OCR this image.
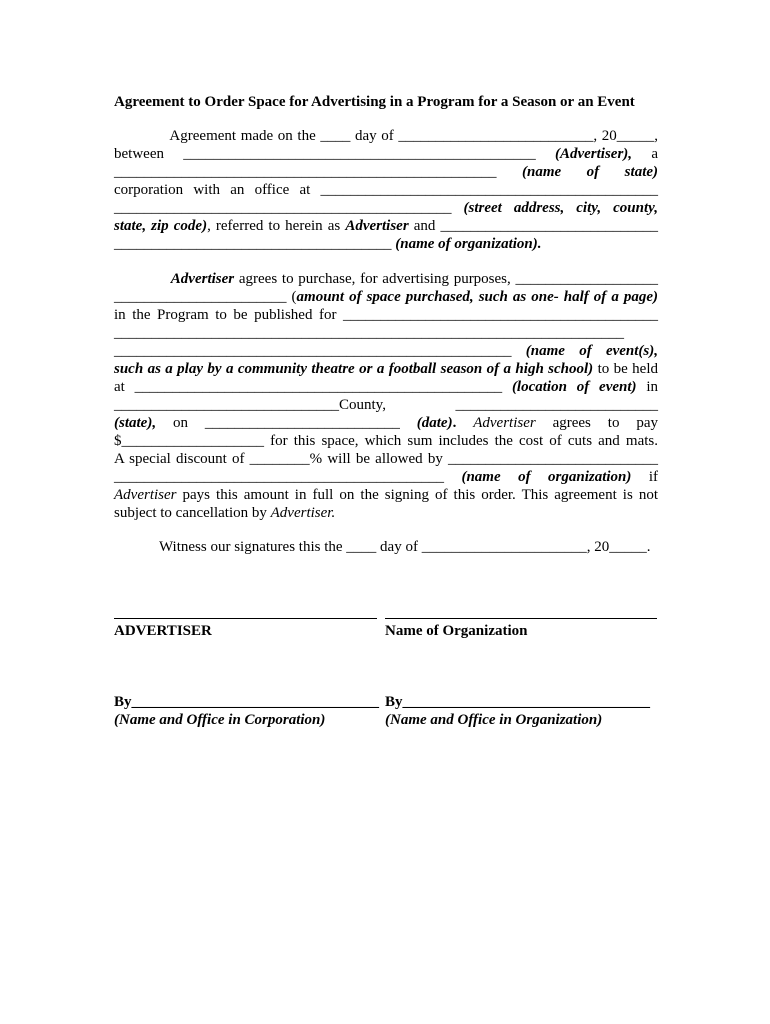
Agreement to Order Space for Advertising in a Program for a Season or an Event
Agreement made on the ____ day of __________________________, 20_____,
between _______________________________________________ (Advertiser), a
___________________________________________________ (name of state)
corporation with an office at _____________________________________________
_____________________________________________ (street address, city, county,
state, zip code), referred to herein as Advertiser and _____________________________
_____________________________________ (name of organization).
Advertiser agrees to purchase, for advertising purposes, ___________________
_______________________ (amount of space purchased, such as one- half of a page)
in the Program to be published for __________________________________________
____________________________________________________________________
_____________________________________________________ (name of event(s),
such as a play by a community theatre or a football season of a high school) to be held
at _________________________________________________ (location of event) in
______________________________County, ___________________________
(state), on __________________________ (date). Advertiser agrees to pay
$___________________ for this space, which sum includes the cost of cuts and mats.
A special discount of ________% will be allowed by ____________________________
____________________________________________ (name of organization) if
Advertiser pays this amount in full on the signing of this order. This agreement is not
subject to cancellation by Advertiser.
Witness our signatures this the ____ day of ______________________, 20_____.
ADVERTISER	Name of Organization
By_________________________________ By_________________________________
(Name and Office in Corporation)	(Name and Office in Organization)
